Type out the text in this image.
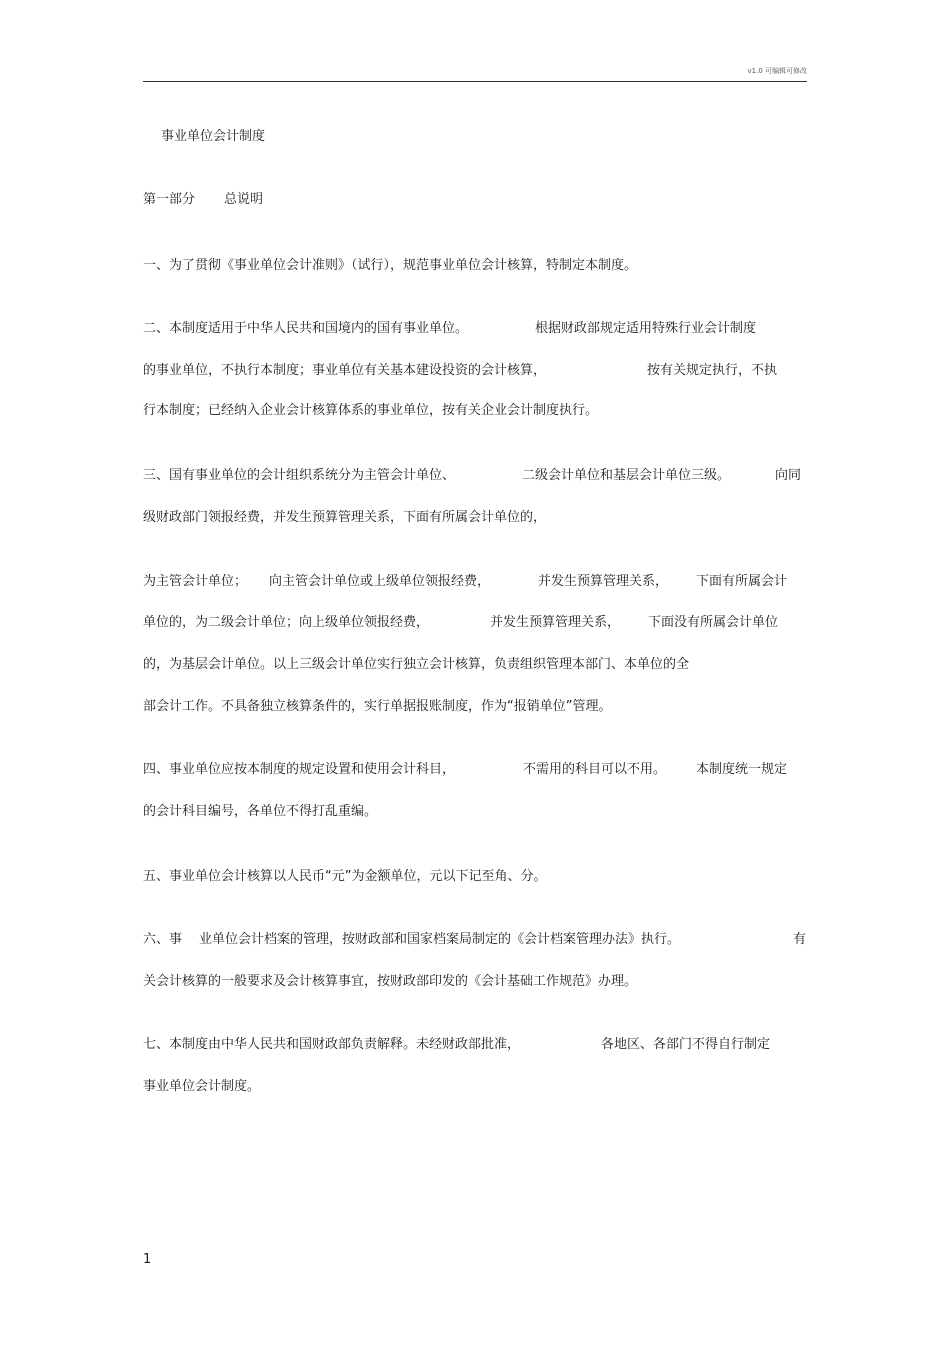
v1.0 可编辑可修改
事业单位会计制度
第一部分 总说明
一、为了贯彻《事业单位会计准则》（试行），规范事业单位会计核算，特制定本制度。
二、本制度适用于中华人民共和国境内的国有事业单位。	根据财政部规定适用特殊行业会计制度
的事业单位，不执行本制度；事业单位有关基本建设投资的会计核算，	按有关规定执行，不执
行本制度；已经纳入企业会计核算体系的事业单位，按有关企业会计制度执行。
三、国有事业单位的会计组织系统分为主管会计单位、	二级会计单位和基层会计单位三级。	向同
级财政部门领报经费，并发生预算管理关系，下面有所属会计单位的，
为主管会计单位； 向主管会计单位或上级单位领报经费，	并发生预算管理关系， 下面有所属会计
单位的，为二级会计单位；向上级单位领报经费，	并发生预算管理关系， 下面没有所属会计单位
的，为基层会计单位。以上三级会计单位实行独立会计核算，负责组织管理本部门、本单位的全
部会计工作。不具备独立核算条件的，实行单据报账制度，作为“报销单位”管理。
四、事业单位应按本制度的规定设置和使用会计科目，	不需用的科目可以不用。 本制度统一规定
的会计科目编号，各单位不得打乱重编。
五、事业单位会计核算以人民币“元”为金额单位，元以下记至角、分。
六、事 业单位会计档案的管理，按财政部和国家档案局制定的《会计档案管理办法》执行。	有
关会计核算的一般要求及会计核算事宜，按财政部印发的《会计基础工作规范》办理。
七、本制度由中华人民共和国财政部负责解释。未经财政部批准，	各地区、各部门不得自行制定
事业单位会计制度。
1
